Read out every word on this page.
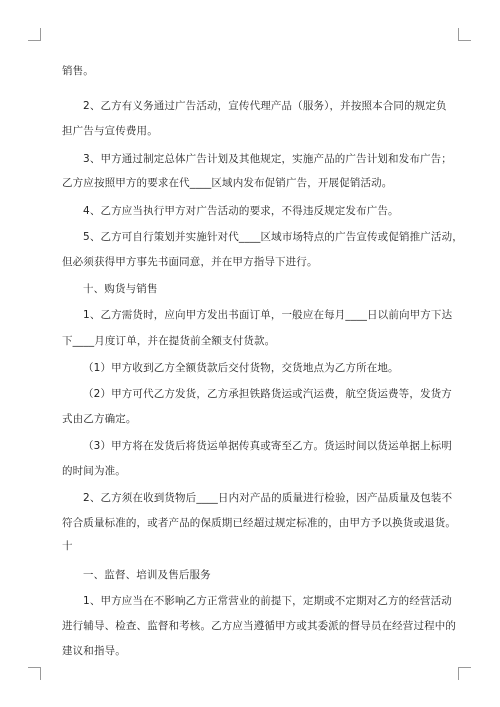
销售。
2、乙方有义务通过广告活动，宣传代理产品（服务），并按照本合同的规定负
担广告与宣传费用。
3、甲方通过制定总体广告计划及其他规定，实施产品的广告计划和发布广告；
乙方应按照甲方的要求在代____区域内发布促销广告，开展促销活动。
4、乙方应当执行甲方对广告活动的要求，不得违反规定发布广告。
5、乙方可自行策划并实施针对代____区域市场特点的广告宣传或促销推广活动，
但必须获得甲方事先书面同意，并在甲方指导下进行。
十、购货与销售
1、乙方需货时，应向甲方发出书面订单，一般应在每月____日以前向甲方下达
下____月度订单，并在提货前全额支付货款。
（1）甲方收到乙方全额货款后交付货物，交货地点为乙方所在地。
（2）甲方可代乙方发货，乙方承担铁路货运或汽运费，航空货运费等，发货方
式由乙方确定。
（3）甲方将在发货后将货运单据传真或寄至乙方。货运时间以货运单据上标明
的时间为准。
2、乙方须在收到货物后____日内对产品的质量进行检验，因产品质量及包装不
符合质量标准的，或者产品的保质期已经超过规定标准的，由甲方予以换货或退货。
十
一、监督、培训及售后服务
1、甲方应当在不影响乙方正常营业的前提下，定期或不定期对乙方的经营活动
进行辅导、检查、监督和考核。乙方应当遵循甲方或其委派的督导员在经营过程中的
建议和指导。
